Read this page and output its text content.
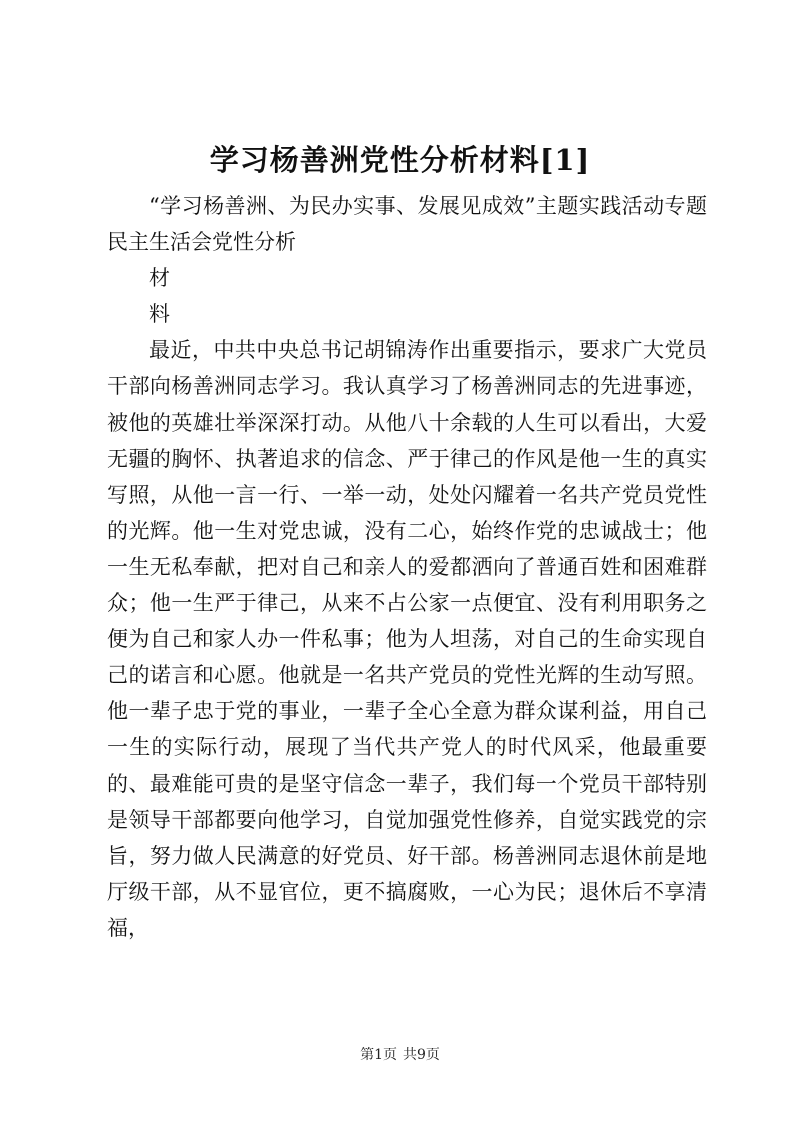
学习杨善洲党性分析材料[1]

“学习杨善洲、为民办实事、发展见成效”主题实践活动专题民主生活会党性分析

材

料

最近，中共中央总书记胡锦涛作出重要指示，要求广大党员干部向杨善洲同志学习。我认真学习了杨善洲同志的先进事迹，被他的英雄壮举深深打动。从他八十余载的人生可以看出，大爱无疆的胸怀、执著追求的信念、严于律己的作风是他一生的真实写照，从他一言一行、一举一动，处处闪耀着一名共产党员党性的光辉。他一生对党忠诚，没有二心，始终作党的忠诚战士；他一生无私奉献，把对自己和亲人的爱都洒向了普通百姓和困难群众；他一生严于律己，从来不占公家一点便宜、没有利用职务之便为自己和家人办一件私事；他为人坦荡，对自己的生命实现自己的诺言和心愿。他就是一名共产党员的党性光辉的生动写照。他一辈子忠于党的事业，一辈子全心全意为群众谋利益，用自己一生的实际行动，展现了当代共产党人的时代风采，他最重要的、最难能可贵的是坚守信念一辈子，我们每一个党员干部特别是领导干部都要向他学习，自觉加强党性修养，自觉实践党的宗旨，努力做人民满意的好党员、好干部。杨善洲同志退休前是地厅级干部，从不显官位，更不搞腐败，一心为民；退休后不享清福，

第1页 共9页
